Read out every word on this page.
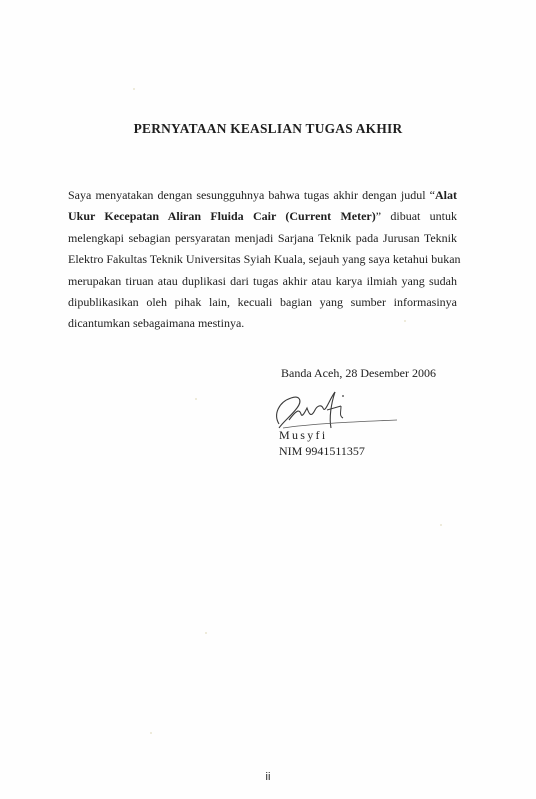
PERNYATAAN KEASLIAN TUGAS AKHIR
Saya menyatakan dengan sesungguhnya bahwa tugas akhir dengan judul “Alat
Ukur Kecepatan Aliran Fluida Cair (Current Meter)” dibuat untuk
melengkapi sebagian persyaratan menjadi Sarjana Teknik pada Jurusan Teknik
Elektro Fakultas Teknik Universitas Syiah Kuala, sejauh yang saya ketahui bukan
merupakan tiruan atau duplikasi dari tugas akhir atau karya ilmiah yang sudah
dipublikasikan oleh pihak lain, kecuali bagian yang sumber informasinya
dicantumkan sebagaimana mestinya.
Banda Aceh, 28 Desember 2006
Musyfi
NIM 9941511357
ii
